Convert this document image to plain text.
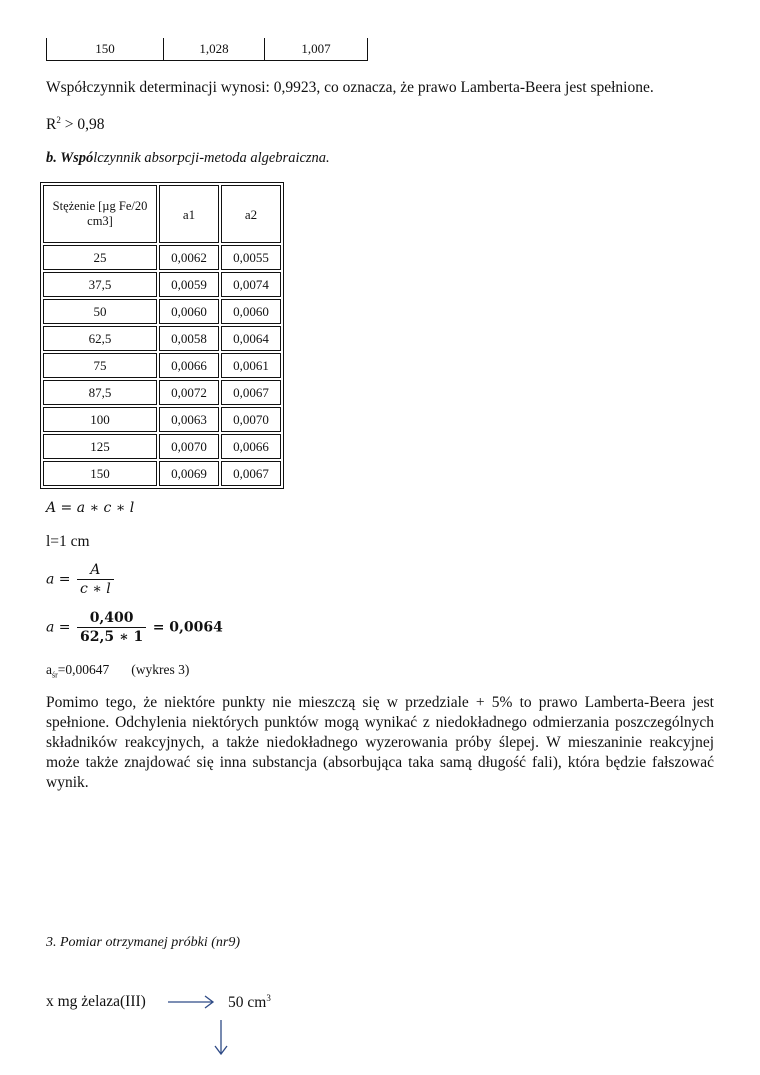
150	1,028	1,007
Współczynnik determinacji wynosi: 0,9923, co oznacza, że prawo Lamberta-Beera jest spełnione.
$R^2 > 0,98$
b. Wspólczynnik absorpcji-metoda algebraiczna.
Stężenie [µg Fe/20 cm3]	a1	a2
25	0,0062	0,0055
37,5	0,0059	0,0074
50	0,0060	0,0060
62,5	0,0058	0,0064
75	0,0066	0,0061
87,5	0,0072	0,0067
100	0,0063	0,0070
125	0,0070	0,0066
150	0,0069	0,0067
A = a ∗ c ∗ l
l=1 cm
$a = \frac{A}{c ∗ l}$
$a = \frac{0,400}{62,5 ∗ 1} = 0,0064$
$a_{śr}=0,00647$ (wykres 3)
Pomimo tego, że niektóre punkty nie mieszczą się w przedziale + 5% to prawo Lamberta-Beera jest spełnione. Odchylenia niektórych punktów mogą wynikać z niedokładnego odmierzania poszczególnych składników reakcyjnych, a także niedokładnego wyzerowania próby ślepej. W mieszaninie reakcyjnej może także znajdować się inna substancja (absorbująca taka samą długość fali), która będzie fałszować wynik.
3. Pomiar otrzymanej próbki (nr9)
x mg żelaza(III)	50 $cm^3$
